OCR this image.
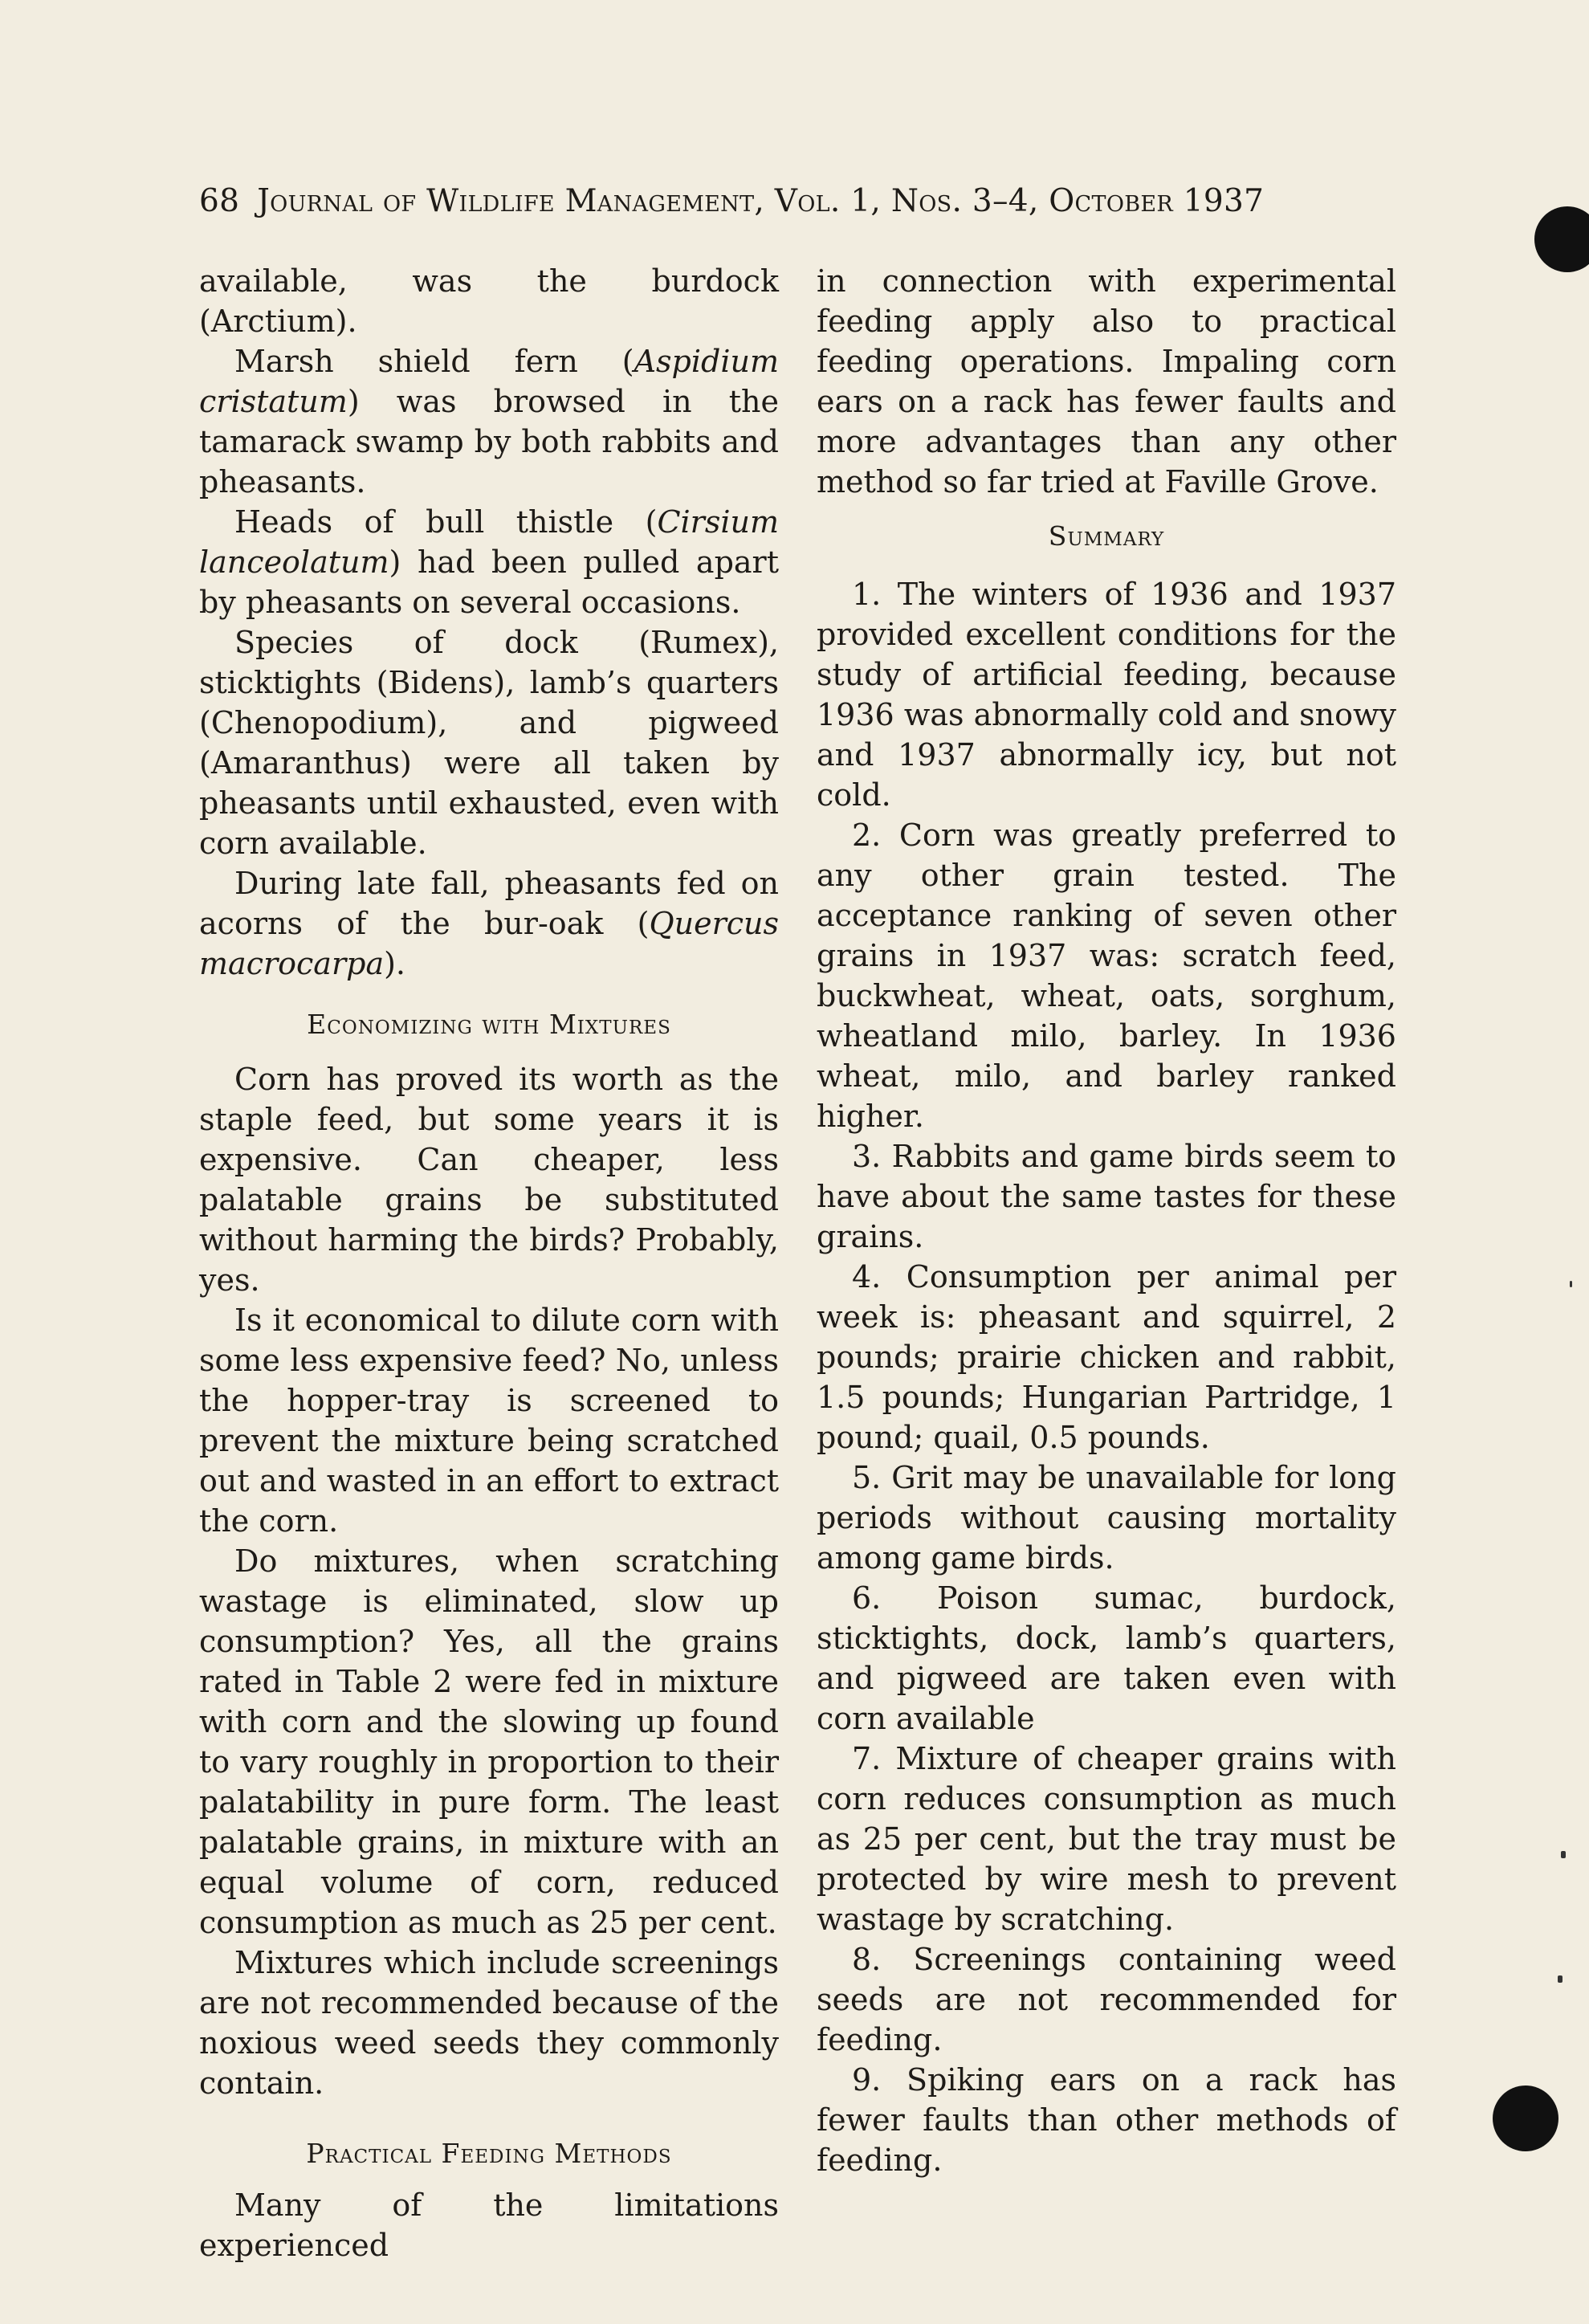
68 Journal of Wildlife Management, Vol. 1, Nos. 3–4, October 1937

available, was the burdock (Arctium).

Marsh shield fern (Aspidium cristatum) was browsed in the tamarack swamp by both rabbits and pheasants.

Heads of bull thistle (Cirsium lanceolatum) had been pulled apart by pheasants on several occasions.

Species of dock (Rumex), sticktights (Bidens), lamb’s quarters (Chenopodium), and pigweed (Amaranthus) were all taken by pheasants until exhausted, even with corn available.

During late fall, pheasants fed on acorns of the bur-oak (Quercus macrocarpa).

Economizing with Mixtures

Corn has proved its worth as the staple feed, but some years it is expensive. Can cheaper, less palatable grains be substituted without harming the birds? Probably, yes.

Is it economical to dilute corn with some less expensive feed? No, unless the hopper-tray is screened to prevent the mixture being scratched out and wasted in an effort to extract the corn.

Do mixtures, when scratching wastage is eliminated, slow up consumption? Yes, all the grains rated in Table 2 were fed in mixture with corn and the slowing up found to vary roughly in proportion to their palatability in pure form. The least palatable grains, in mixture with an equal volume of corn, reduced consumption as much as 25 per cent.

Mixtures which include screenings are not recommended because of the noxious weed seeds they commonly contain.

Practical Feeding Methods

Many of the limitations experienced

in connection with experimental feeding apply also to practical feeding operations. Impaling corn ears on a rack has fewer faults and more advantages than any other method so far tried at Faville Grove.

Summary

1. The winters of 1936 and 1937 provided excellent conditions for the study of artificial feeding, because 1936 was abnormally cold and snowy and 1937 abnormally icy, but not cold.

2. Corn was greatly preferred to any other grain tested. The acceptance ranking of seven other grains in 1937 was: scratch feed, buckwheat, wheat, oats, sorghum, wheatland milo, barley. In 1936 wheat, milo, and barley ranked higher.

3. Rabbits and game birds seem to have about the same tastes for these grains.

4. Consumption per animal per week is: pheasant and squirrel, 2 pounds; prairie chicken and rabbit, 1.5 pounds; Hungarian Partridge, 1 pound; quail, 0.5 pounds.

5. Grit may be unavailable for long periods without causing mortality among game birds.

6. Poison sumac, burdock, sticktights, dock, lamb’s quarters, and pigweed are taken even with corn available

7. Mixture of cheaper grains with corn reduces consumption as much as 25 per cent, but the tray must be protected by wire mesh to prevent wastage by scratching.

8. Screenings containing weed seeds are not recommended for feeding.

9. Spiking ears on a rack has fewer faults than other methods of feeding.
